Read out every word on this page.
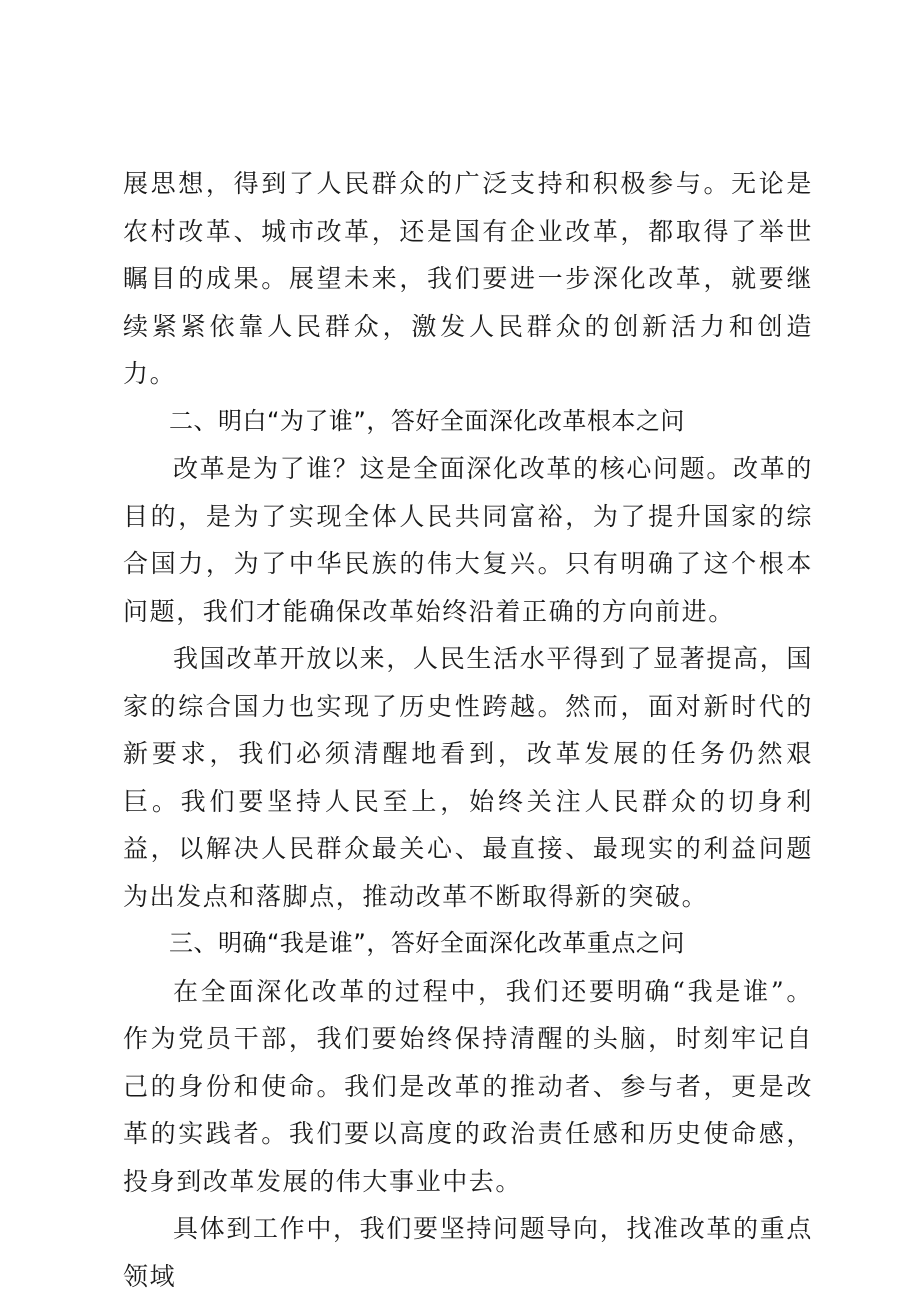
展思想，得到了人民群众的广泛支持和积极参与。无论是农村改革、城市改革，还是国有企业改革，都取得了举世瞩目的成果。展望未来，我们要进一步深化改革，就要继续紧紧依靠人民群众，激发人民群众的创新活力和创造力。

二、明白“为了谁”，答好全面深化改革根本之问

改革是为了谁？这是全面深化改革的核心问题。改革的目的，是为了实现全体人民共同富裕，为了提升国家的综合国力，为了中华民族的伟大复兴。只有明确了这个根本问题，我们才能确保改革始终沿着正确的方向前进。

我国改革开放以来，人民生活水平得到了显著提高，国家的综合国力也实现了历史性跨越。然而，面对新时代的新要求，我们必须清醒地看到，改革发展的任务仍然艰巨。我们要坚持人民至上，始终关注人民群众的切身利益，以解决人民群众最关心、最直接、最现实的利益问题为出发点和落脚点，推动改革不断取得新的突破。

三、明确“我是谁”，答好全面深化改革重点之问

在全面深化改革的过程中，我们还要明确“我是谁”。作为党员干部，我们要始终保持清醒的头脑，时刻牢记自己的身份和使命。我们是改革的推动者、参与者，更是改革的实践者。我们要以高度的政治责任感和历史使命感，投身到改革发展的伟大事业中去。

具体到工作中，我们要坚持问题导向，找准改革的重点领域
